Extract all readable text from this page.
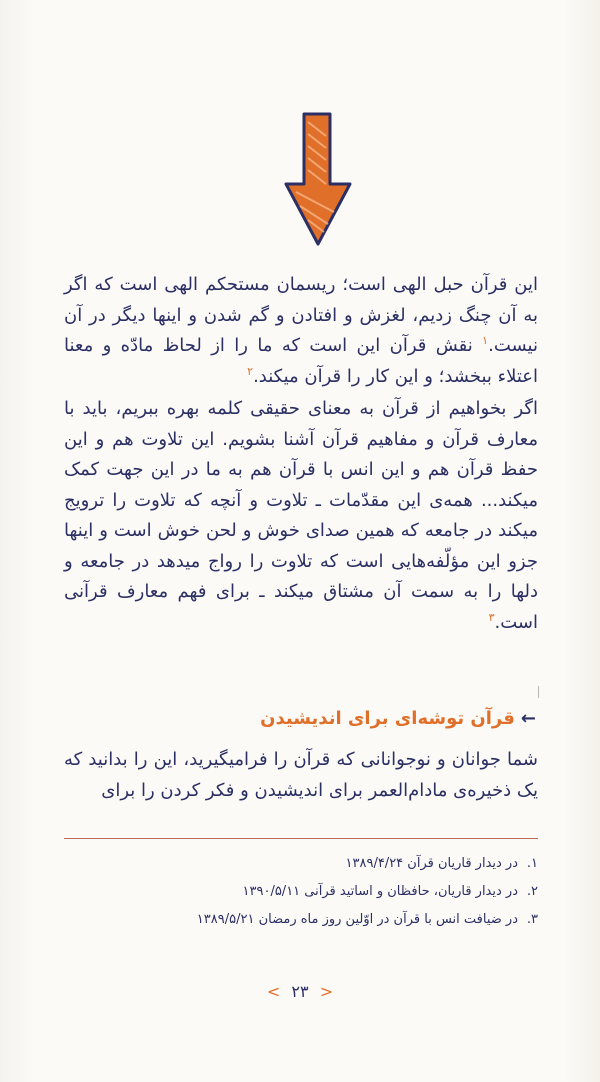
این قرآن حبل الهی است؛ ریسمان مستحکم الهی است که اگر به آن چنگ زدیم، لغزش و افتادن و گم شدن و اینها دیگر در آن نیست.$^۱$ نقش قرآن این است که ما را از لحاظ مادّه و معنا اعتلاء ببخشد؛ و این کار را قرآن میکند.$^۲$

اگر بخواهیم از قرآن به معنای حقیقی کلمه بهره ببریم، باید با معارف قرآن و مفاهیم قرآن آشنا بشویم. این تلاوت هم و این حفظ قرآن هم و این انس با قرآن هم به ما در این جهت کمک میکند... همه‌ی این مقدّمات ـ تلاوت و آنچه که تلاوت را ترویج میکند در جامعه که همین صدای خوش و لحن خوش است و اینها جزو این مؤلّفه‌هایی است که تلاوت را رواج میدهد در جامعه و دلها را به سمت آن مشتاق میکند ـ برای فهم معارف قرآنی است.$^۳$

←
قرآن توشه‌ای برای اندیشیدن

شما جوانان و نوجوانانی که قرآن را فرامیگیرید، این را بدانید که یک ذخیره‌ی مادام‌العمر برای اندیشیدن و فکر کردن را برای

۱.
در دیدار قاریان قرآن ۱۳۸۹/۴/۲۴
۲.
در دیدار قاریان، حافظان و اساتید قرآنی ۱۳۹۰/۵/۱۱
۳.
در ضیافت انس با قرآن در اوّلین روز ماه رمضان ۱۳۸۹/۵/۲۱
< ۲۳ >
